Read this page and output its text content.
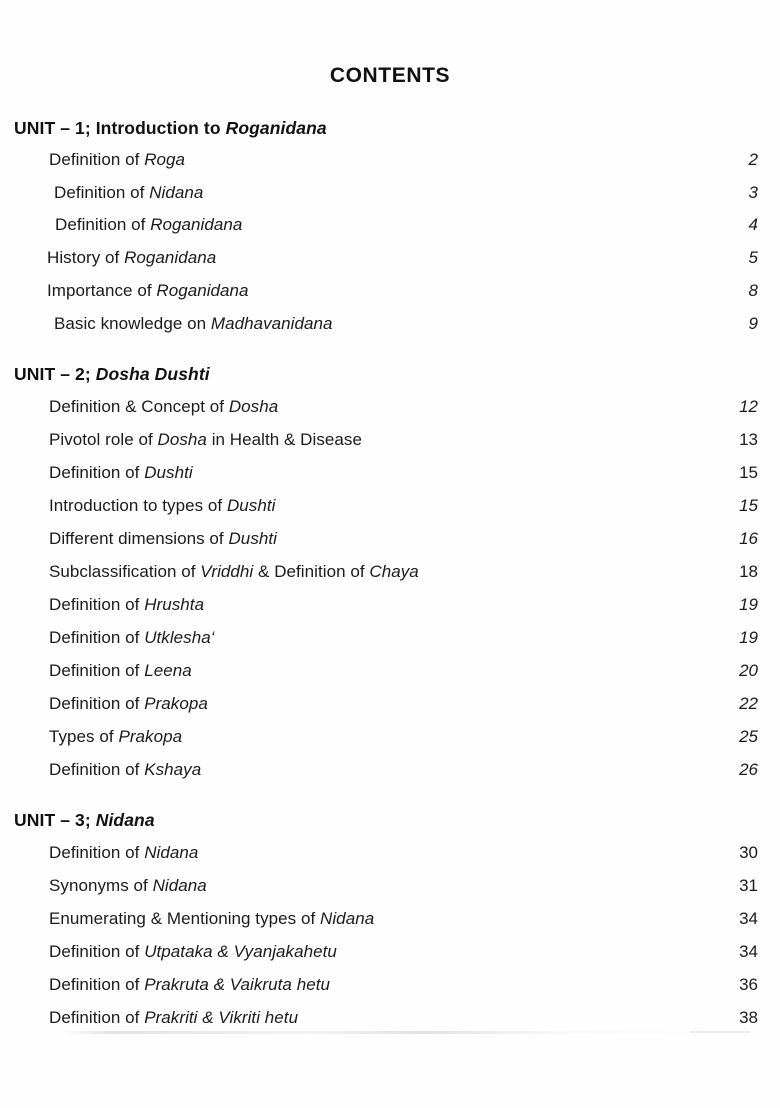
CONTENTS
UNIT – 1; Introduction to Roganidana
Definition of Roga	2
Definition of Nidana	3
Definition of Roganidana	4
History of Roganidana	5
Importance of Roganidana	8
Basic knowledge on Madhavanidana	9
UNIT – 2; Dosha Dushti
Definition & Concept of Dosha	12
Pivotol role of Dosha in Health & Disease	13
Definition of Dushti	15
Introduction to types of Dushti	15
Different dimensions of Dushti	16
Subclassification of Vriddhi & Definition of Chaya	18
Definition of Hrushta	19
Definition of Utklesha‘	19
Definition of Leena	20
Definition of Prakopa	22
Types of Prakopa	25
Definition of Kshaya	26
UNIT – 3; Nidana
Definition of Nidana	30
Synonyms of Nidana	31
Enumerating & Mentioning types of Nidana	34
Definition of Utpataka & Vyanjakahetu	34
Definition of Prakruta & Vaikruta hetu	36
Definition of Prakriti & Vikriti hetu	38
